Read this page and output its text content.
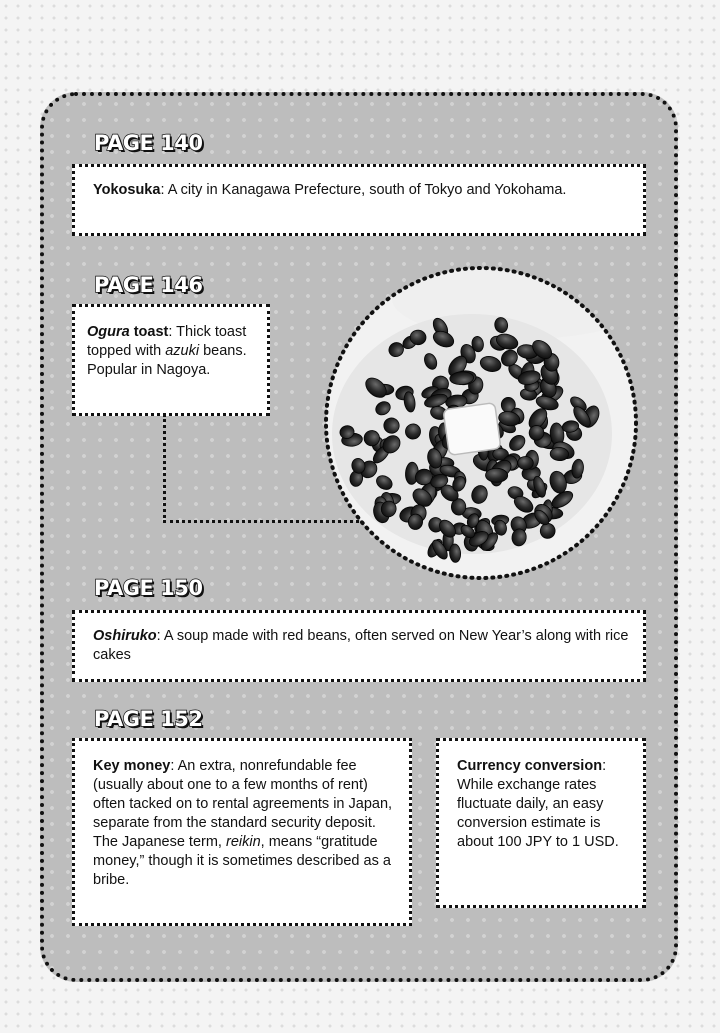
PAGE 140
Yokosuka: A city in Kanagawa Prefecture, south of Tokyo and Yokohama.
PAGE 146
Ogura toast: Thick toast topped with azuki beans. Popular in Nagoya.
PAGE 150
Oshiruko: A soup made with red beans, often served on New Year’s along with rice cakes
PAGE 152
Key money: An extra, nonrefundable fee (usually about one to a few months of rent) often tacked on to rental agreements in Japan, separate from the standard security deposit. The Japanese term, reikin, means “gratitude money,” though it is sometimes described as a bribe.
Currency conversion: While exchange rates fluctuate daily, an easy conversion estimate is about 100 JPY to 1 USD.
